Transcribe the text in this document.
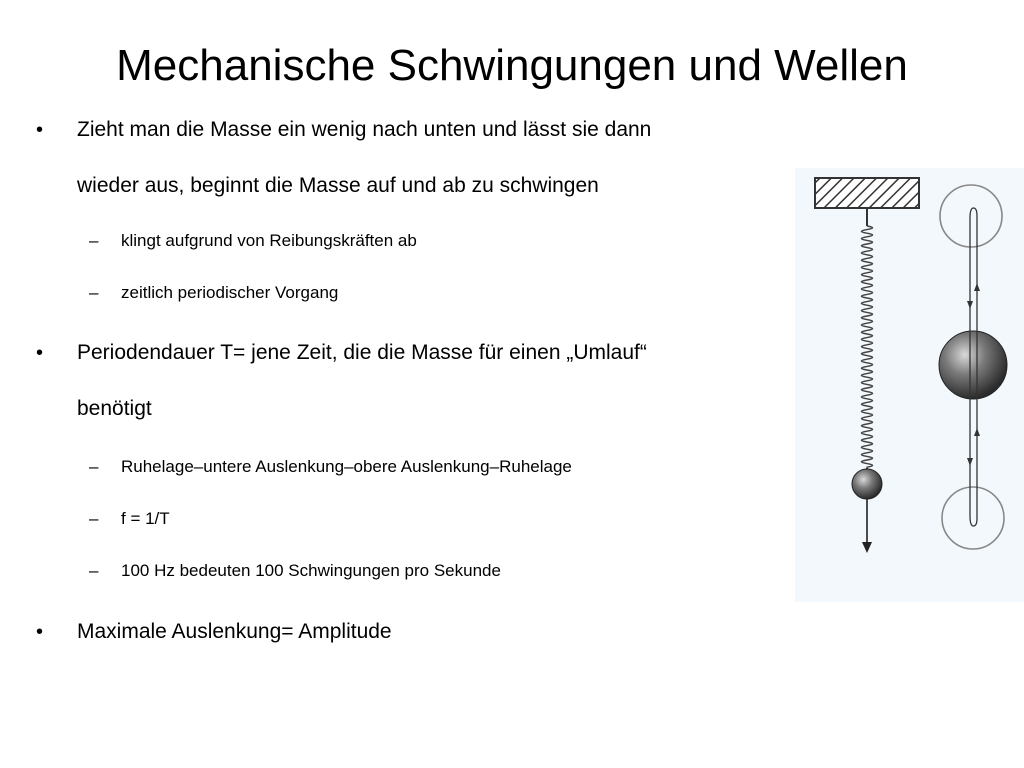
Mechanische Schwingungen und Wellen
• Zieht man die Masse ein wenig nach unten und lässt sie dann
wieder aus, beginnt die Masse auf und ab zu schwingen
– klingt aufgrund von Reibungskräften ab
– zeitlich periodischer Vorgang
• Periodendauer T= jene Zeit, die die Masse für einen „Umlauf“
benötigt
– Ruhelage–untere Auslenkung–obere Auslenkung–Ruhelage
– f = 1/T
– 100 Hz bedeuten 100 Schwingungen pro Sekunde
• Maximale Auslenkung= Amplitude
